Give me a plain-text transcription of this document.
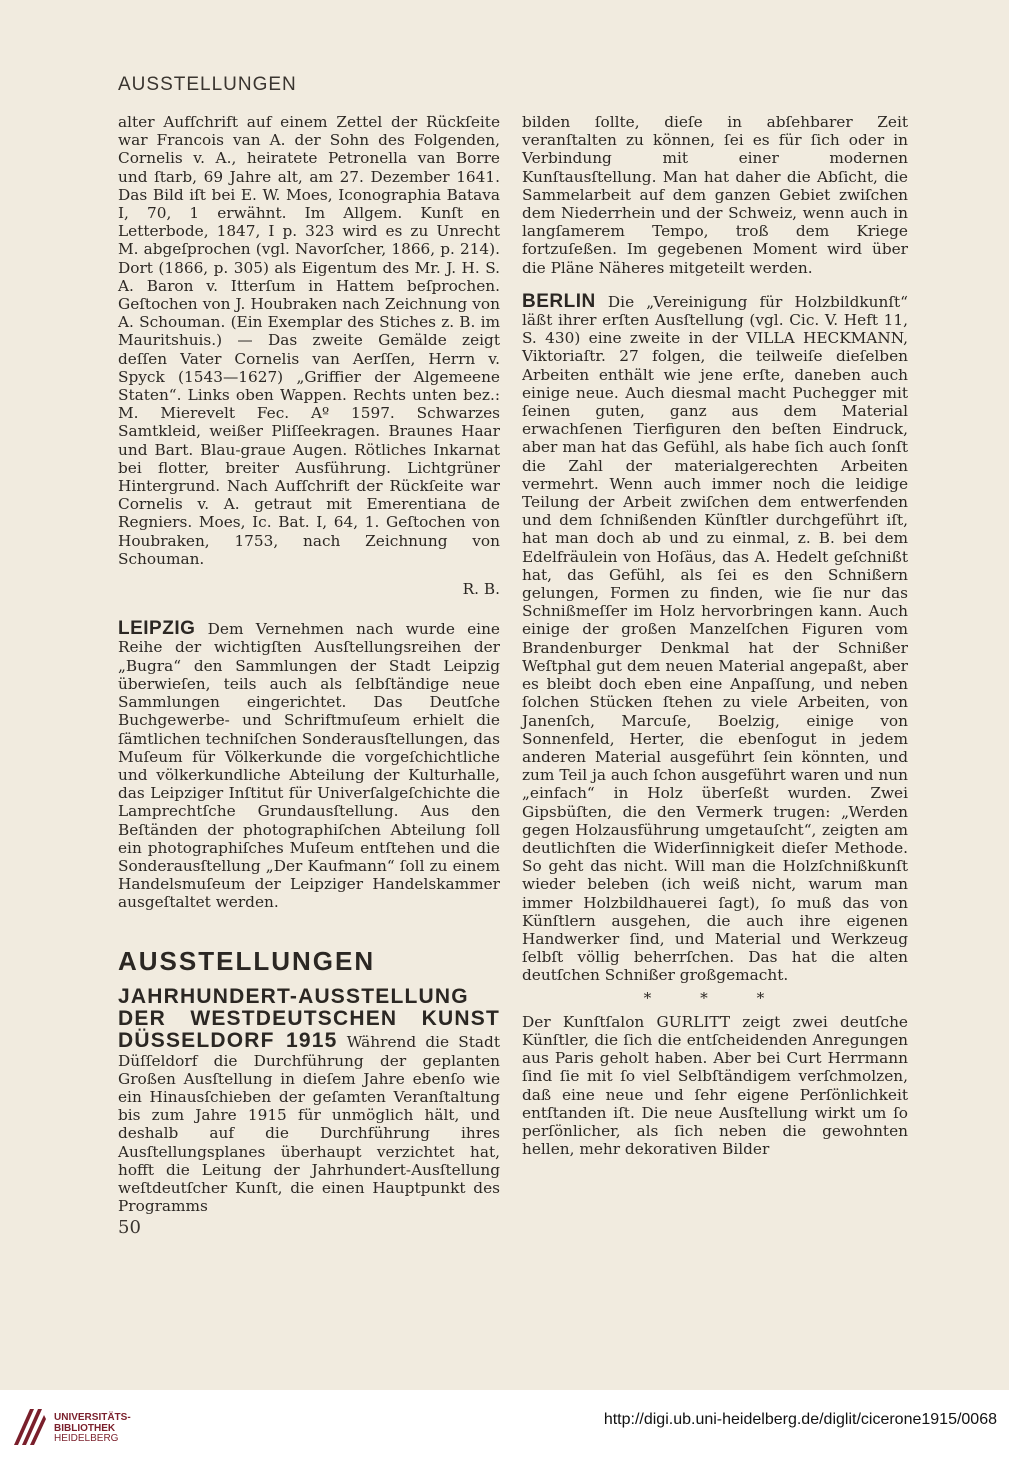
AUSSTELLUNGEN

alter Aufſchrift auf einem Zettel der Rückſeite war Francois van A. der Sohn des Folgenden, Cornelis v. A., heiratete Petronella van Borre und ſtarb, 69 Jahre alt, am 27. Dezember 1641. Das Bild iſt bei E. W. Moes, Iconographia Batava I, 70, 1 erwähnt. Im Allgem. Kunſt en Letterbode, 1847, I p. 323 wird es zu Unrecht M. abgeſprochen (vgl. Navorſcher, 1866, p. 214). Dort (1866, p. 305) als Eigentum des Mr. J. H. S. A. Baron v. Itterſum in Hattem beſprochen. Geſtochen von J. Houbraken nach Zeichnung von A. Schouman. (Ein Exemplar des Stiches z. B. im Mauritshuis.) — Das zweite Gemälde zeigt deſſen Vater Cornelis van Aerſſen, Herrn v. Spyck (1543—1627) „Griffier der Algemeene Staten“. Links oben Wappen. Rechts unten bez.: M. Mierevelt Fec. Aº 1597. Schwarzes Samtkleid, weißer Pliſſeekragen. Braunes Haar und Bart. Blau-graue Augen. Rötliches Inkarnat bei flotter, breiter Ausführung. Lichtgrüner Hintergrund. Nach Aufſchrift der Rückſeite war Cornelis v. A. getraut mit Emerentiana de Regniers. Moes, Ic. Bat. I, 64, 1. Geſtochen von Houbraken, 1753, nach Zeichnung von Schouman.

R. B.

LEIPZIG Dem Vernehmen nach wurde eine Reihe der wichtigſten Ausſtellungsreihen der „Bugra“ den Sammlungen der Stadt Leipzig überwieſen, teils auch als ſelbſtändige neue Sammlungen eingerichtet. Das Deutſche Buchgewerbe- und Schriftmuſeum erhielt die ſämtlichen techniſchen Sonderausſtellungen, das Muſeum für Völkerkunde die vorgeſchichtliche und völkerkundliche Abteilung der Kulturhalle, das Leipziger Inſtitut für Univerſalgeſchichte die Lamprechtſche Grundausſtellung. Aus den Beſtänden der photographiſchen Abteilung ſoll ein photographiſches Muſeum entſtehen und die Sonderausſtellung „Der Kaufmann“ ſoll zu einem Handelsmuſeum der Leipziger Handelskammer ausgeſtaltet werden.

AUSSTELLUNGEN

JAHRHUNDERT-AUSSTELLUNG DER WESTDEUTSCHEN KUNST DÜSSELDORF 1915 Während die Stadt Düſſeldorf die Durchführung der geplanten Großen Ausſtellung in dieſem Jahre ebenſo wie ein Hinausſchieben der geſamten Veranſtaltung bis zum Jahre 1915 für unmöglich hält, und deshalb auf die Durchführung ihres Ausſtellungsplanes überhaupt verzichtet hat, hofft die Leitung der Jahrhundert-Ausſtellung weſtdeutſcher Kunſt, die einen Hauptpunkt des Programms

bilden ſollte, dieſe in abſehbarer Zeit veranſtalten zu können, ſei es für ſich oder in Verbindung mit einer modernen Kunſtausſtellung. Man hat daher die Abſicht, die Sammelarbeit auf dem ganzen Gebiet zwiſchen dem Niederrhein und der Schweiz, wenn auch in langſamerem Tempo, troß dem Kriege fortzuſeßen. Im gegebenen Moment wird über die Pläne Näheres mitgeteilt werden.

BERLIN Die „Vereinigung für Holzbildkunſt“ läßt ihrer erſten Ausſtellung (vgl. Cic. V. Heft 11, S. 430) eine zweite in der VILLA HECKMANN, Viktoriaſtr. 27 folgen, die teilweiſe dieſelben Arbeiten enthält wie jene erſte, daneben auch einige neue. Auch diesmal macht Puchegger mit ſeinen guten, ganz aus dem Material erwachſenen Tierfiguren den beſten Eindruck, aber man hat das Gefühl, als habe ſich auch ſonſt die Zahl der materialgerechten Arbeiten vermehrt. Wenn auch immer noch die leidige Teilung der Arbeit zwiſchen dem entwerfenden und dem ſchnißenden Künſtler durchgeführt iſt, hat man doch ab und zu einmal, z. B. bei dem Edelfräulein von Hoſäus, das A. Hedelt geſchnißt hat, das Gefühl, als ſei es den Schnißern gelungen, Formen zu finden, wie ſie nur das Schnißmeſſer im Holz hervorbringen kann. Auch einige der großen Manzelſchen Figuren vom Brandenburger Denkmal hat der Schnißer Weſtphal gut dem neuen Material angepaßt, aber es bleibt doch eben eine Anpaſſung, und neben ſolchen Stücken ſtehen zu viele Arbeiten, von Janenſch, Marcuſe, Boelzig, einige von Sonnenfeld, Herter, die ebenſogut in jedem anderen Material ausgeführt ſein könnten, und zum Teil ja auch ſchon ausgeführt waren und nun „einfach“ in Holz überſeßt wurden. Zwei Gipsbüſten, die den Vermerk trugen: „Werden gegen Holzausführung umgetauſcht“, zeigten am deutlichſten die Widerſinnigkeit dieſer Methode. So geht das nicht. Will man die Holzſchnißkunſt wieder beleben (ich weiß nicht, warum man immer Holzbildhauerei ſagt), ſo muß das von Künſtlern ausgehen, die auch ihre eigenen Handwerker ſind, und Material und Werkzeug ſelbſt völlig beherrſchen. Das hat die alten deutſchen Schnißer großgemacht.

* * *

Der Kunſtſalon GURLITT zeigt zwei deutſche Künſtler, die ſich die entſcheidenden Anregungen aus Paris geholt haben. Aber bei Curt Herrmann ſind ſie mit ſo viel Selbſtändigem verſchmolzen, daß eine neue und ſehr eigene Perſönlichkeit entſtanden iſt. Die neue Ausſtellung wirkt um ſo perſönlicher, als ſich neben die gewohnten hellen, mehr dekorativen Bilder

50
UNIVERSITÄTS-
BIBLIOTHEK
HEIDELBERG
http://digi.ub.uni-heidelberg.de/diglit/cicerone1915/0068
